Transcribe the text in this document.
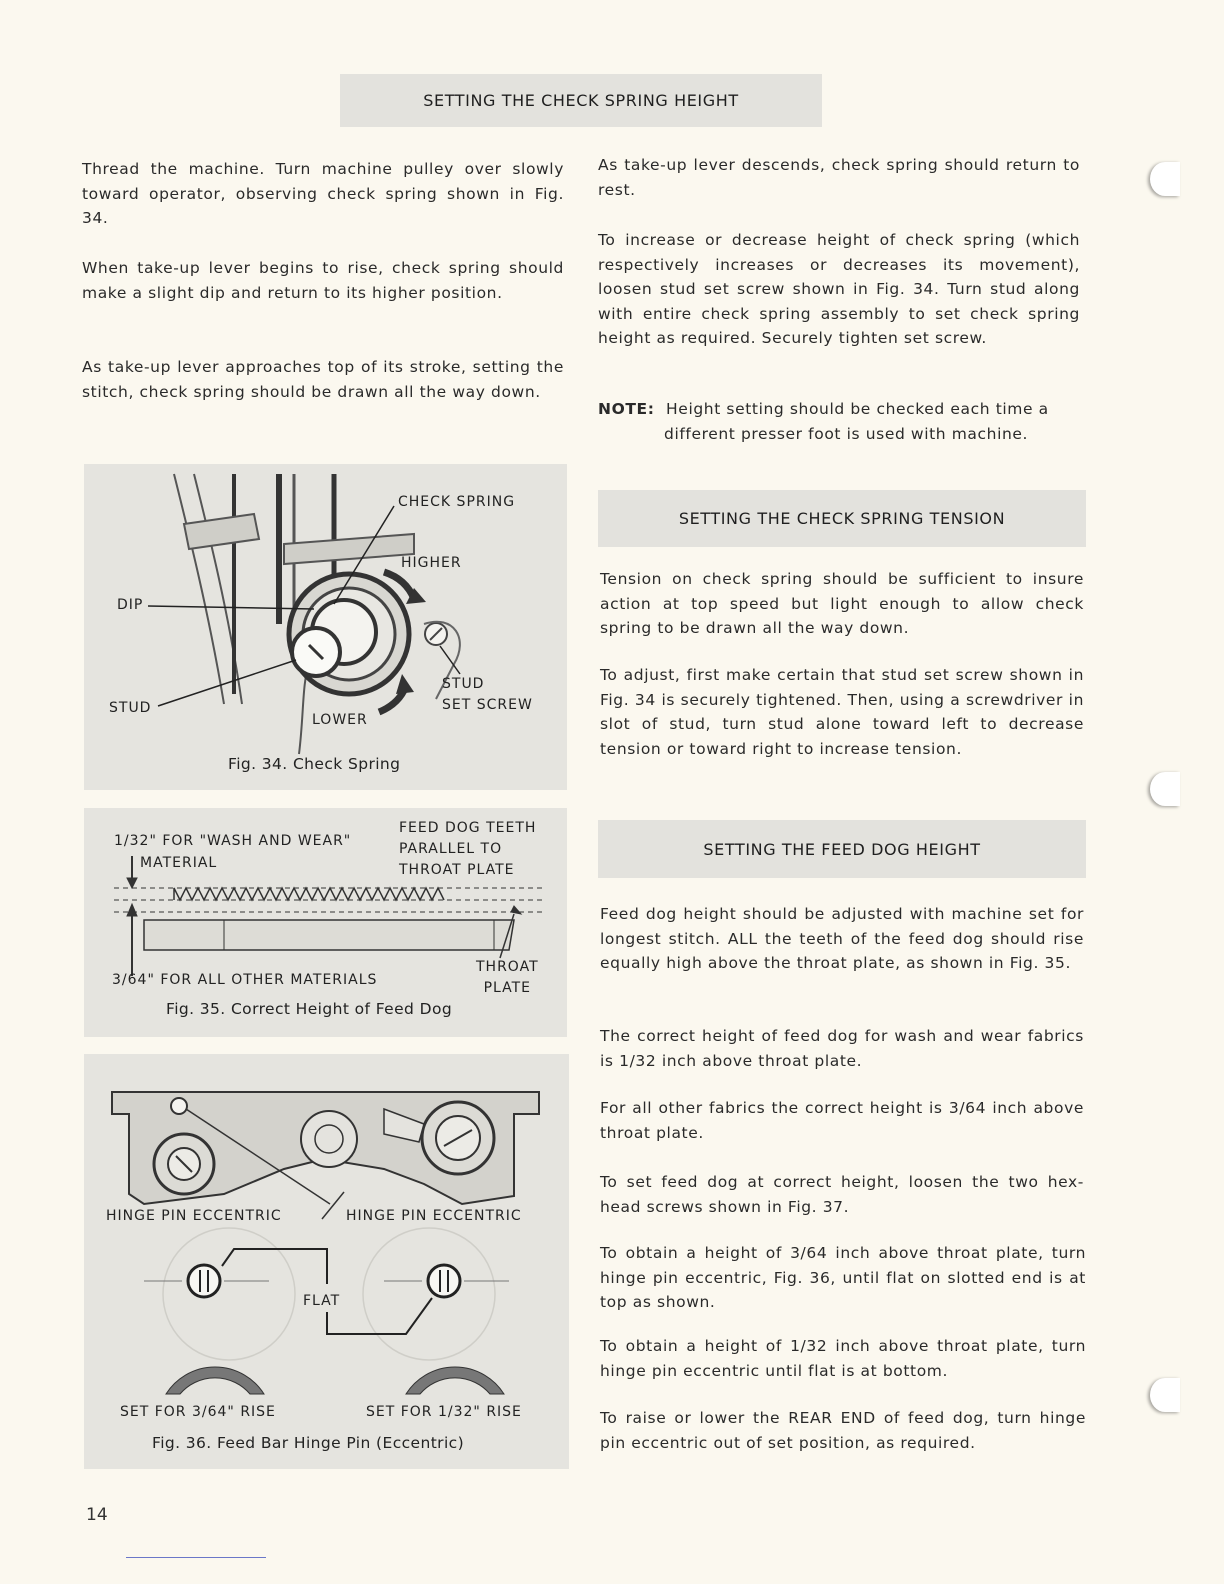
SETTING THE CHECK SPRING HEIGHT
SETTING THE CHECK SPRING TENSION
SETTING THE FEED DOG HEIGHT

Thread the machine. Turn machine pulley over slowly toward operator, observing check spring shown in Fig. 34.

When take-up lever begins to rise, check spring should make a slight dip and return to its higher position.

As take-up lever approaches top of its stroke, setting the stitch, check spring should be drawn all the way down.

As take-up lever descends, check spring should return to rest.

To increase or decrease height of check spring (which respectively increases or decreases its movement), loosen stud set screw shown in Fig. 34. Turn stud along with entire check spring assembly to set check spring height as required. Securely tighten set screw.

NOTE: Height setting should be checked each time a
different presser foot is used with machine.

Tension on check spring should be sufficient to insure action at top speed but light enough to allow check spring to be drawn all the way down.

To adjust, first make certain that stud set screw shown in Fig. 34 is securely tightened. Then, using a screwdriver in slot of stud, turn stud alone toward left to decrease tension or toward right to increase tension.

Feed dog height should be adjusted with machine set for longest stitch. ALL the teeth of the feed dog should rise equally high above the throat plate, as shown in Fig. 35.

The correct height of feed dog for wash and wear fabrics is 1/32 inch above throat plate.

For all other fabrics the correct height is 3/64 inch above throat plate.

To set feed dog at correct height, loosen the two hex-head screws shown in Fig. 37.

To obtain a height of 3/64 inch above throat plate, turn hinge pin eccentric, Fig. 36, until flat on slotted end is at top as shown.

To obtain a height of 1/32 inch above throat plate, turn hinge pin eccentric until flat is at bottom.

To raise or lower the REAR END of feed dog, turn hinge pin eccentric out of set position, as required.

CHECK SPRING
HIGHER
DIP
STUD
STUD
SET SCREW
LOWER
Fig. 34. Check Spring
1/32" FOR "WASH AND WEAR"
MATERIAL
FEED DOG TEETH
PARALLEL TO
THROAT PLATE
3/64" FOR ALL OTHER MATERIALS
THROAT
PLATE
Fig. 35. Correct Height of Feed Dog
HINGE PIN ECCENTRIC	HINGE PIN ECCENTRIC
FLAT
SET FOR 3/64" RISE	SET FOR 1/32" RISE
Fig. 36. Feed Bar Hinge Pin (Eccentric)
14
